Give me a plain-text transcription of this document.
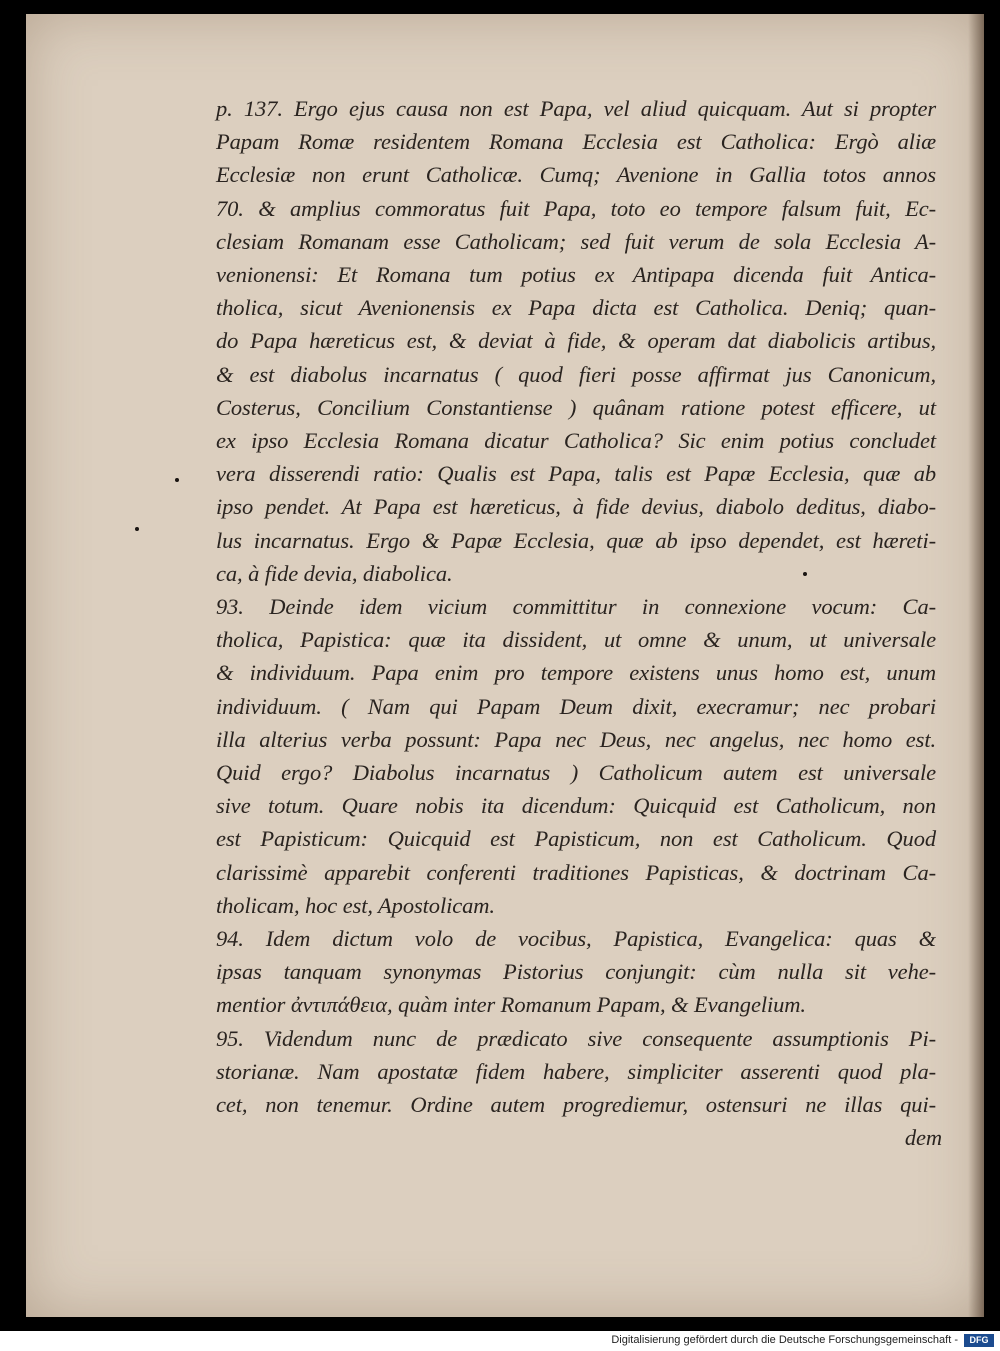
p. 137. Ergo ejus causa non est Papa, vel aliud quicquam. Aut si propter
Papam Romæ residentem Romana Ecclesia est Catholica: Ergò aliæ
Ecclesiæ non erunt Catholicæ. Cumq; Avenione in Gallia totos annos
70. & amplius commoratus fuit Papa, toto eo tempore falsum fuit, Ec-
clesiam Romanam esse Catholicam; sed fuit verum de sola Ecclesia A-
venionensi: Et Romana tum potius ex Antipapa dicenda fuit Antica-
tholica, sicut Avenionensis ex Papa dicta est Catholica. Deniq; quan-
do Papa hæreticus est, & deviat à fide, & operam dat diabolicis artibus,
& est diabolus incarnatus ( quod fieri posse affirmat jus Canonicum,
Costerus, Concilium Constantiense ) quânam ratione potest efficere, ut
ex ipso Ecclesia Romana dicatur Catholica? Sic enim potius concludet
vera disserendi ratio: Qualis est Papa, talis est Papæ Ecclesia, quæ ab
ipso pendet. At Papa est hæreticus, à fide devius, diabolo deditus, diabo-
lus incarnatus. Ergo & Papæ Ecclesia, quæ ab ipso dependet, est hæreti-
ca, à fide devia, diabolica.
93. Deinde idem vicium committitur in connexione vocum: Ca-
tholica, Papistica: quæ ita dissident, ut omne & unum, ut universale
& individuum. Papa enim pro tempore existens unus homo est, unum
individuum. ( Nam qui Papam Deum dixit, execramur; nec probari
illa alterius verba possunt: Papa nec Deus, nec angelus, nec homo est.
Quid ergo? Diabolus incarnatus ) Catholicum autem est universale
sive totum. Quare nobis ita dicendum: Quicquid est Catholicum, non
est Papisticum: Quicquid est Papisticum, non est Catholicum. Quod
clarissimè apparebit conferenti traditiones Papisticas, & doctrinam Ca-
tholicam, hoc est, Apostolicam.
94. Idem dictum volo de vocibus, Papistica, Evangelica: quas &
ipsas tanquam synonymas Pistorius conjungit: cùm nulla sit vehe-
mentior ἀντιπάθεια, quàm inter Romanum Papam, & Evangelium.
95. Videndum nunc de prædicato sive consequente assumptionis Pi-
storianæ. Nam apostatæ fidem habere, simpliciter asserenti quod pla-
cet, non tenemur. Ordine autem progrediemur, ostensuri ne illas qui-
dem
Digitalisierung gefördert durch die Deutsche Forschungsgemeinschaft -	DFG
